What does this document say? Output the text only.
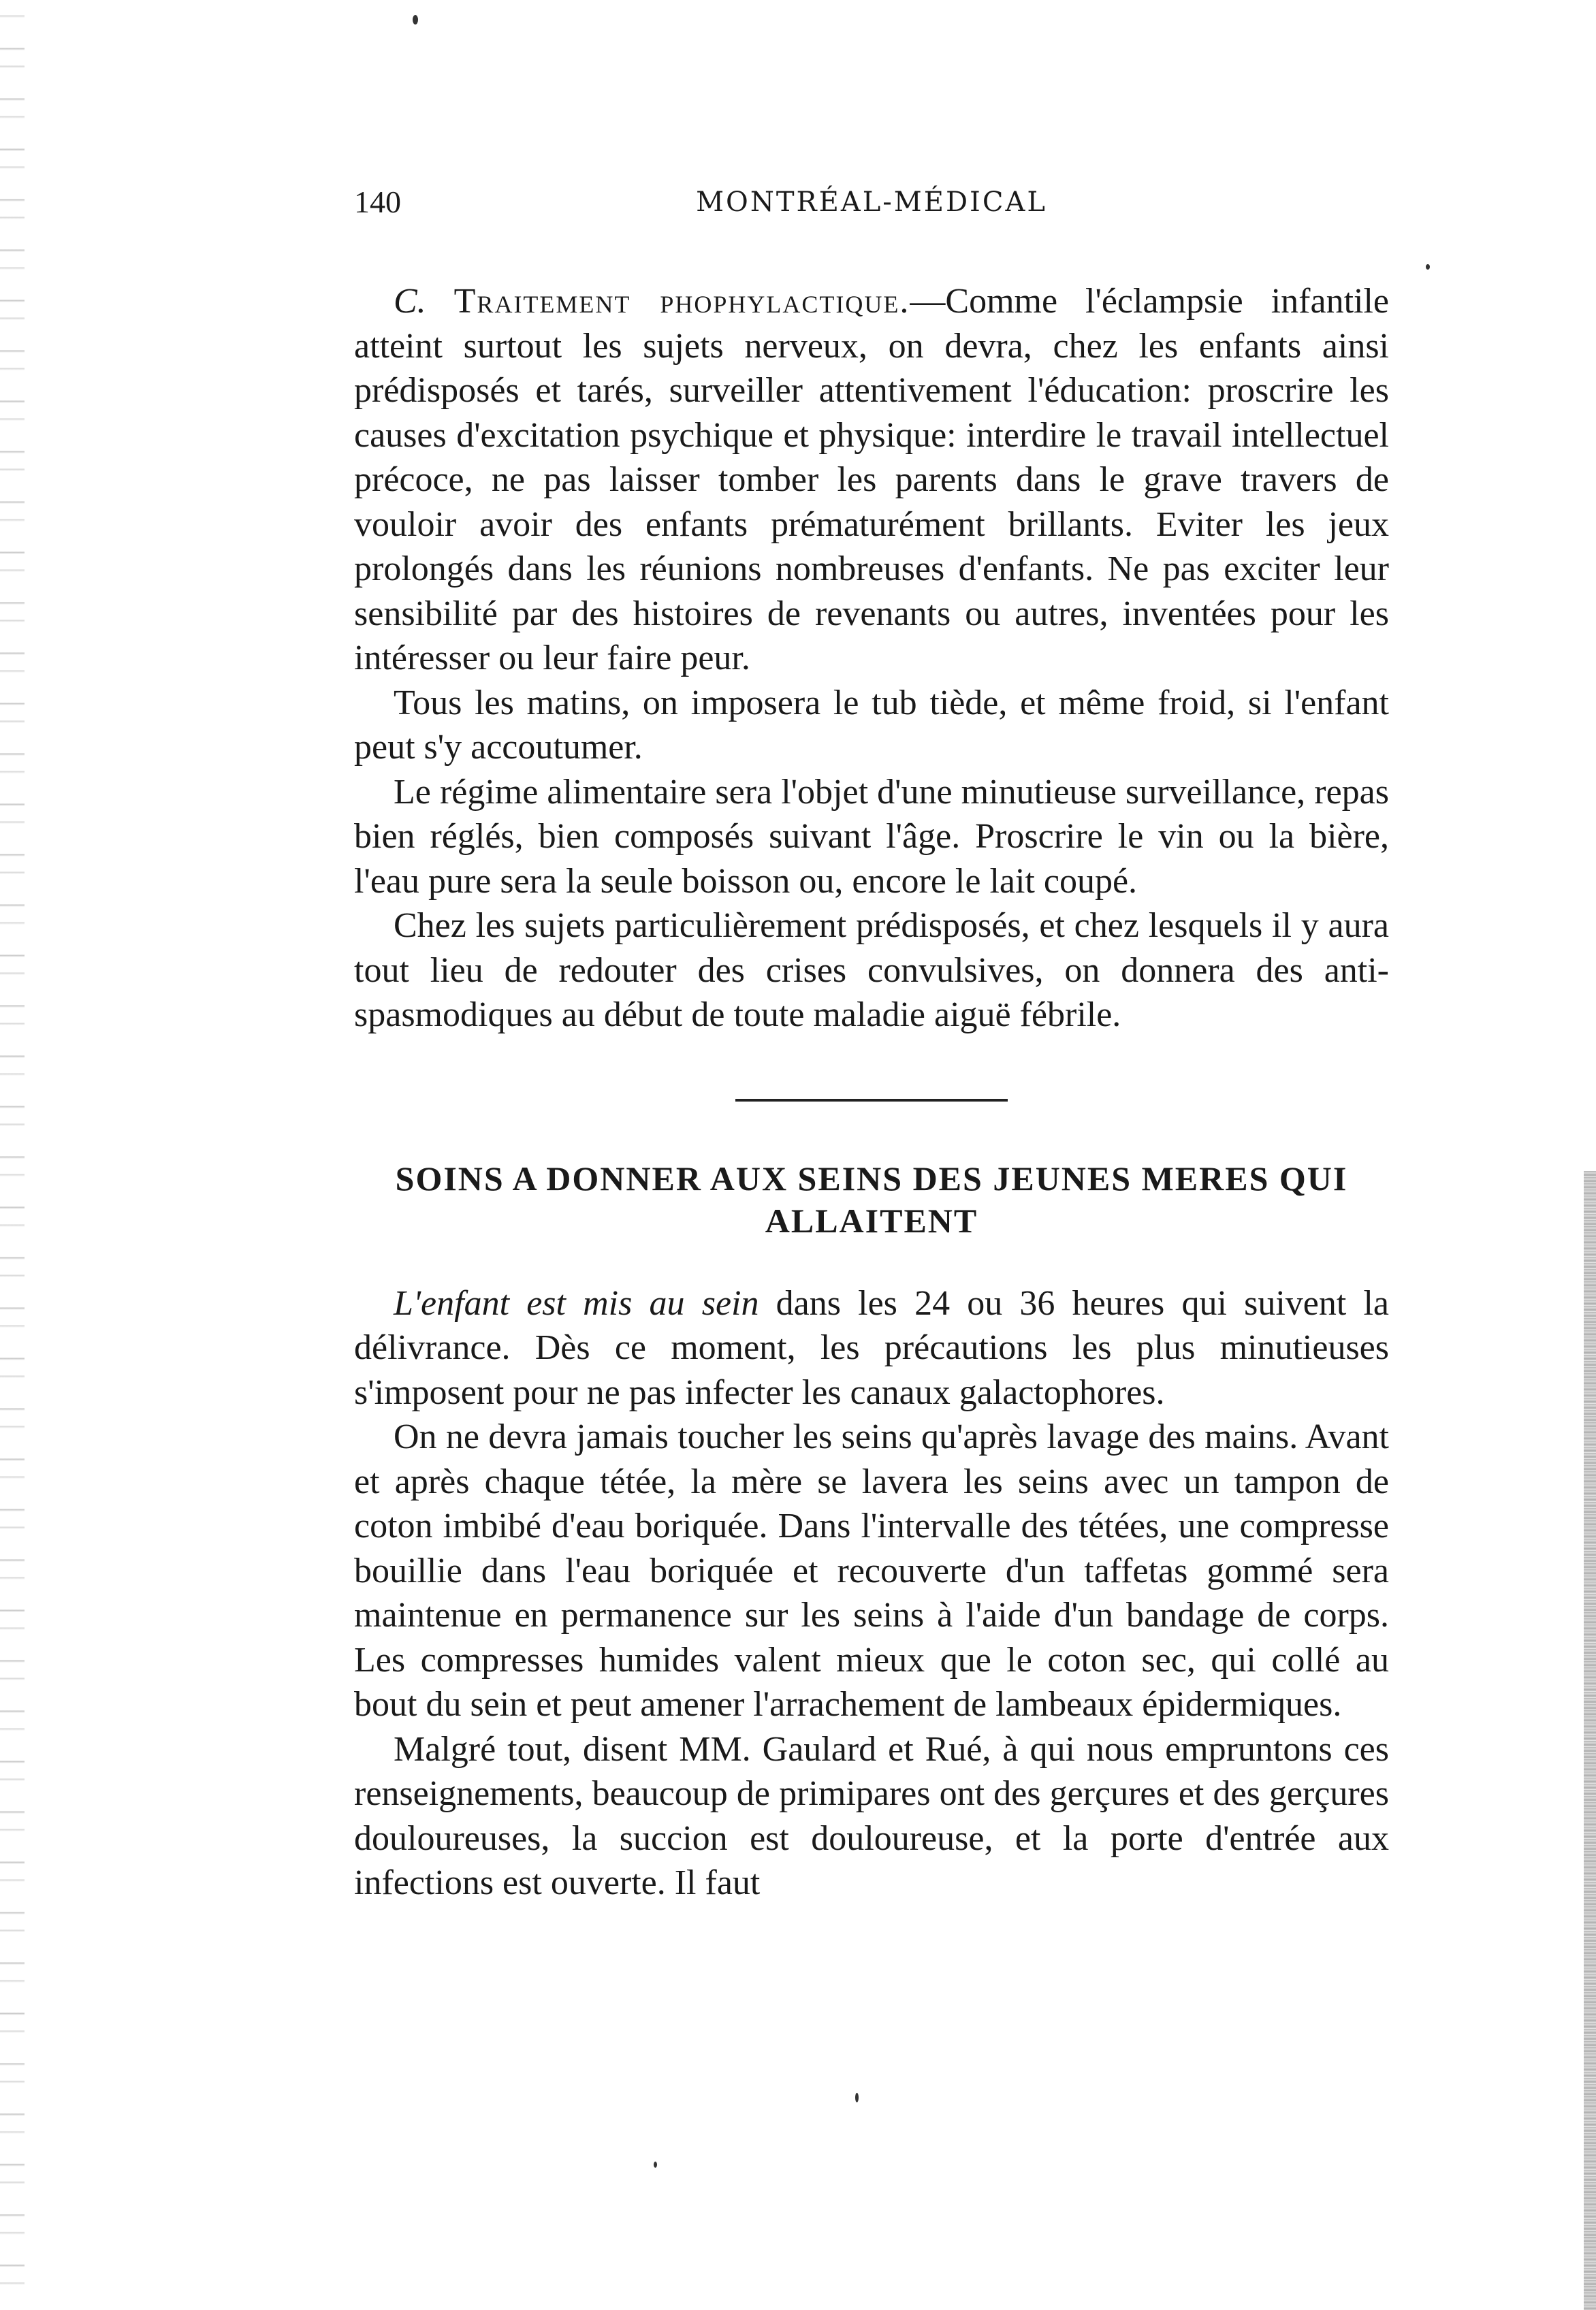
140	MONTRÉAL-MÉDICAL

C. Traitement phophylactique.—Comme l'éclampsie infantile atteint surtout les sujets nerveux, on devra, chez les enfants ainsi prédisposés et tarés, surveiller attentivement l'éducation: proscrire les causes d'excitation psychique et physique: interdire le travail intellectuel précoce, ne pas laisser tomber les parents dans le grave travers de vouloir avoir des enfants prématurément brillants. Eviter les jeux prolongés dans les réunions nombreuses d'enfants. Ne pas exciter leur sensibilité par des histoires de revenants ou autres, inventées pour les intéresser ou leur faire peur.

Tous les matins, on imposera le tub tiède, et même froid, si l'enfant peut s'y accoutumer.

Le régime alimentaire sera l'objet d'une minutieuse surveillance, repas bien réglés, bien composés suivant l'âge. Proscrire le vin ou la bière, l'eau pure sera la seule boisson ou, encore le lait coupé.

Chez les sujets particulièrement prédisposés, et chez lesquels il y aura tout lieu de redouter des crises convulsives, on donnera des anti-spasmodiques au début de toute maladie aiguë fébrile.

SOINS A DONNER AUX SEINS DES JEUNES MERES QUI
ALLAITENT

L'enfant est mis au sein dans les 24 ou 36 heures qui suivent la délivrance. Dès ce moment, les précautions les plus minutieuses s'imposent pour ne pas infecter les canaux galactophores.

On ne devra jamais toucher les seins qu'après lavage des mains. Avant et après chaque tétée, la mère se lavera les seins avec un tampon de coton imbibé d'eau boriquée. Dans l'intervalle des tétées, une compresse bouillie dans l'eau boriquée et recouverte d'un taffetas gommé sera maintenue en permanence sur les seins à l'aide d'un bandage de corps. Les compresses humides valent mieux que le coton sec, qui collé au bout du sein et peut amener l'arrachement de lambeaux épidermiques.

Malgré tout, disent MM. Gaulard et Rué, à qui nous empruntons ces renseignements, beaucoup de primipares ont des gerçures et des gerçures douloureuses, la succion est douloureuse, et la porte d'entrée aux infections est ouverte. Il faut
